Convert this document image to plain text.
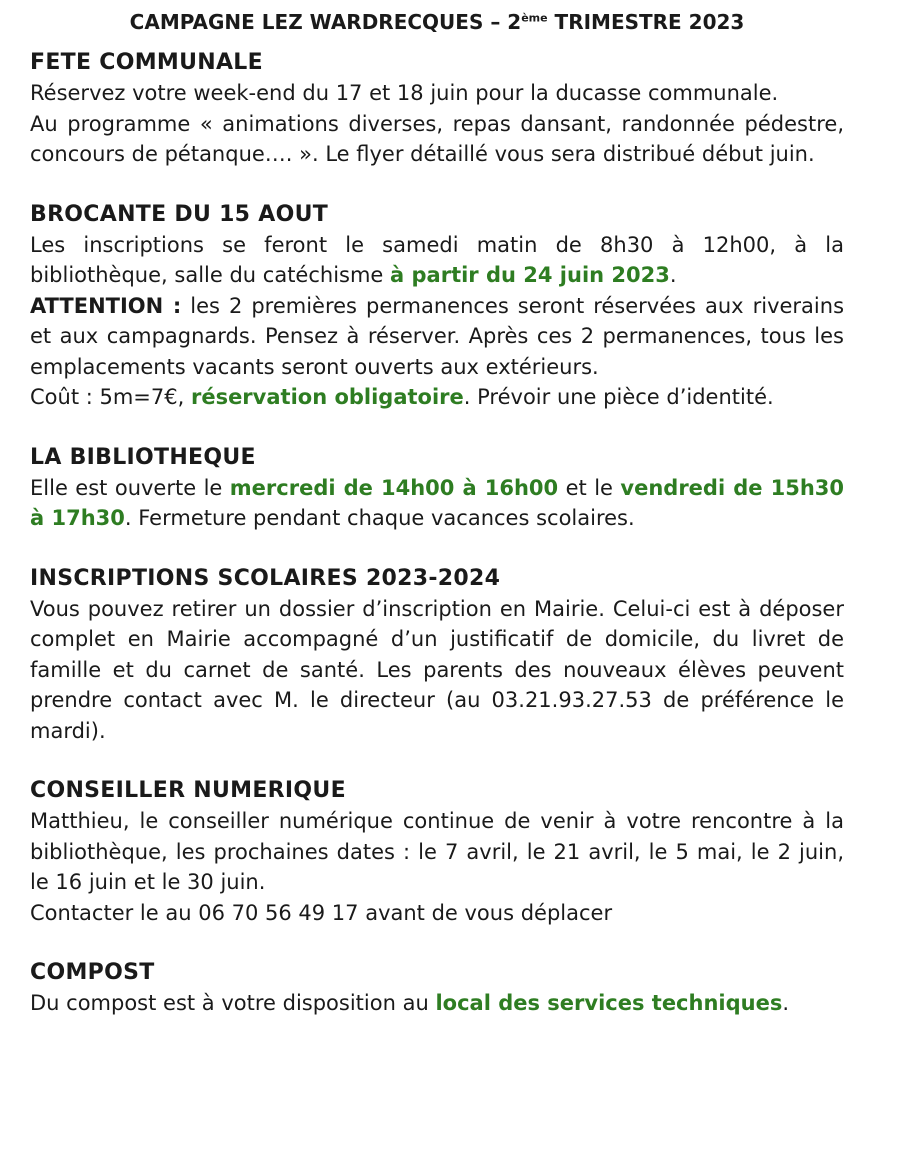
CAMPAGNE LEZ WARDRECQUES – 2ème TRIMESTRE 2023
FETE COMMUNALE

Réservez votre week-end du 17 et 18 juin pour la ducasse communale.

Au programme « animations diverses, repas dansant, randonnée pédestre, concours de pétanque…. ». Le flyer détaillé vous sera distribué début juin.

BROCANTE DU 15 AOUT

Les inscriptions se feront le samedi matin de 8h30 à 12h00, à la bibliothèque, salle du catéchisme à partir du 24 juin 2023.

ATTENTION : les 2 premières permanences seront réservées aux riverains et aux campagnards. Pensez à réserver. Après ces 2 permanences, tous les emplacements vacants seront ouverts aux extérieurs.

Coût : 5m=7€, réservation obligatoire. Prévoir une pièce d’identité.

LA BIBLIOTHEQUE

Elle est ouverte le mercredi de 14h00 à 16h00 et le vendredi de 15h30 à 17h30. Fermeture pendant chaque vacances scolaires.

INSCRIPTIONS SCOLAIRES 2023-2024

Vous pouvez retirer un dossier d’inscription en Mairie. Celui-ci est à déposer complet en Mairie accompagné d’un justificatif de domicile, du livret de famille et du carnet de santé. Les parents des nouveaux élèves peuvent prendre contact avec M. le directeur (au 03.21.93.27.53 de préférence le mardi).

CONSEILLER NUMERIQUE

Matthieu, le conseiller numérique continue de venir à votre rencontre à la bibliothèque, les prochaines dates : le 7 avril, le 21 avril, le 5 mai, le 2 juin, le 16 juin et le 30 juin.

Contacter le au 06 70 56 49 17 avant de vous déplacer

COMPOST

Du compost est à votre disposition au local des services techniques.
